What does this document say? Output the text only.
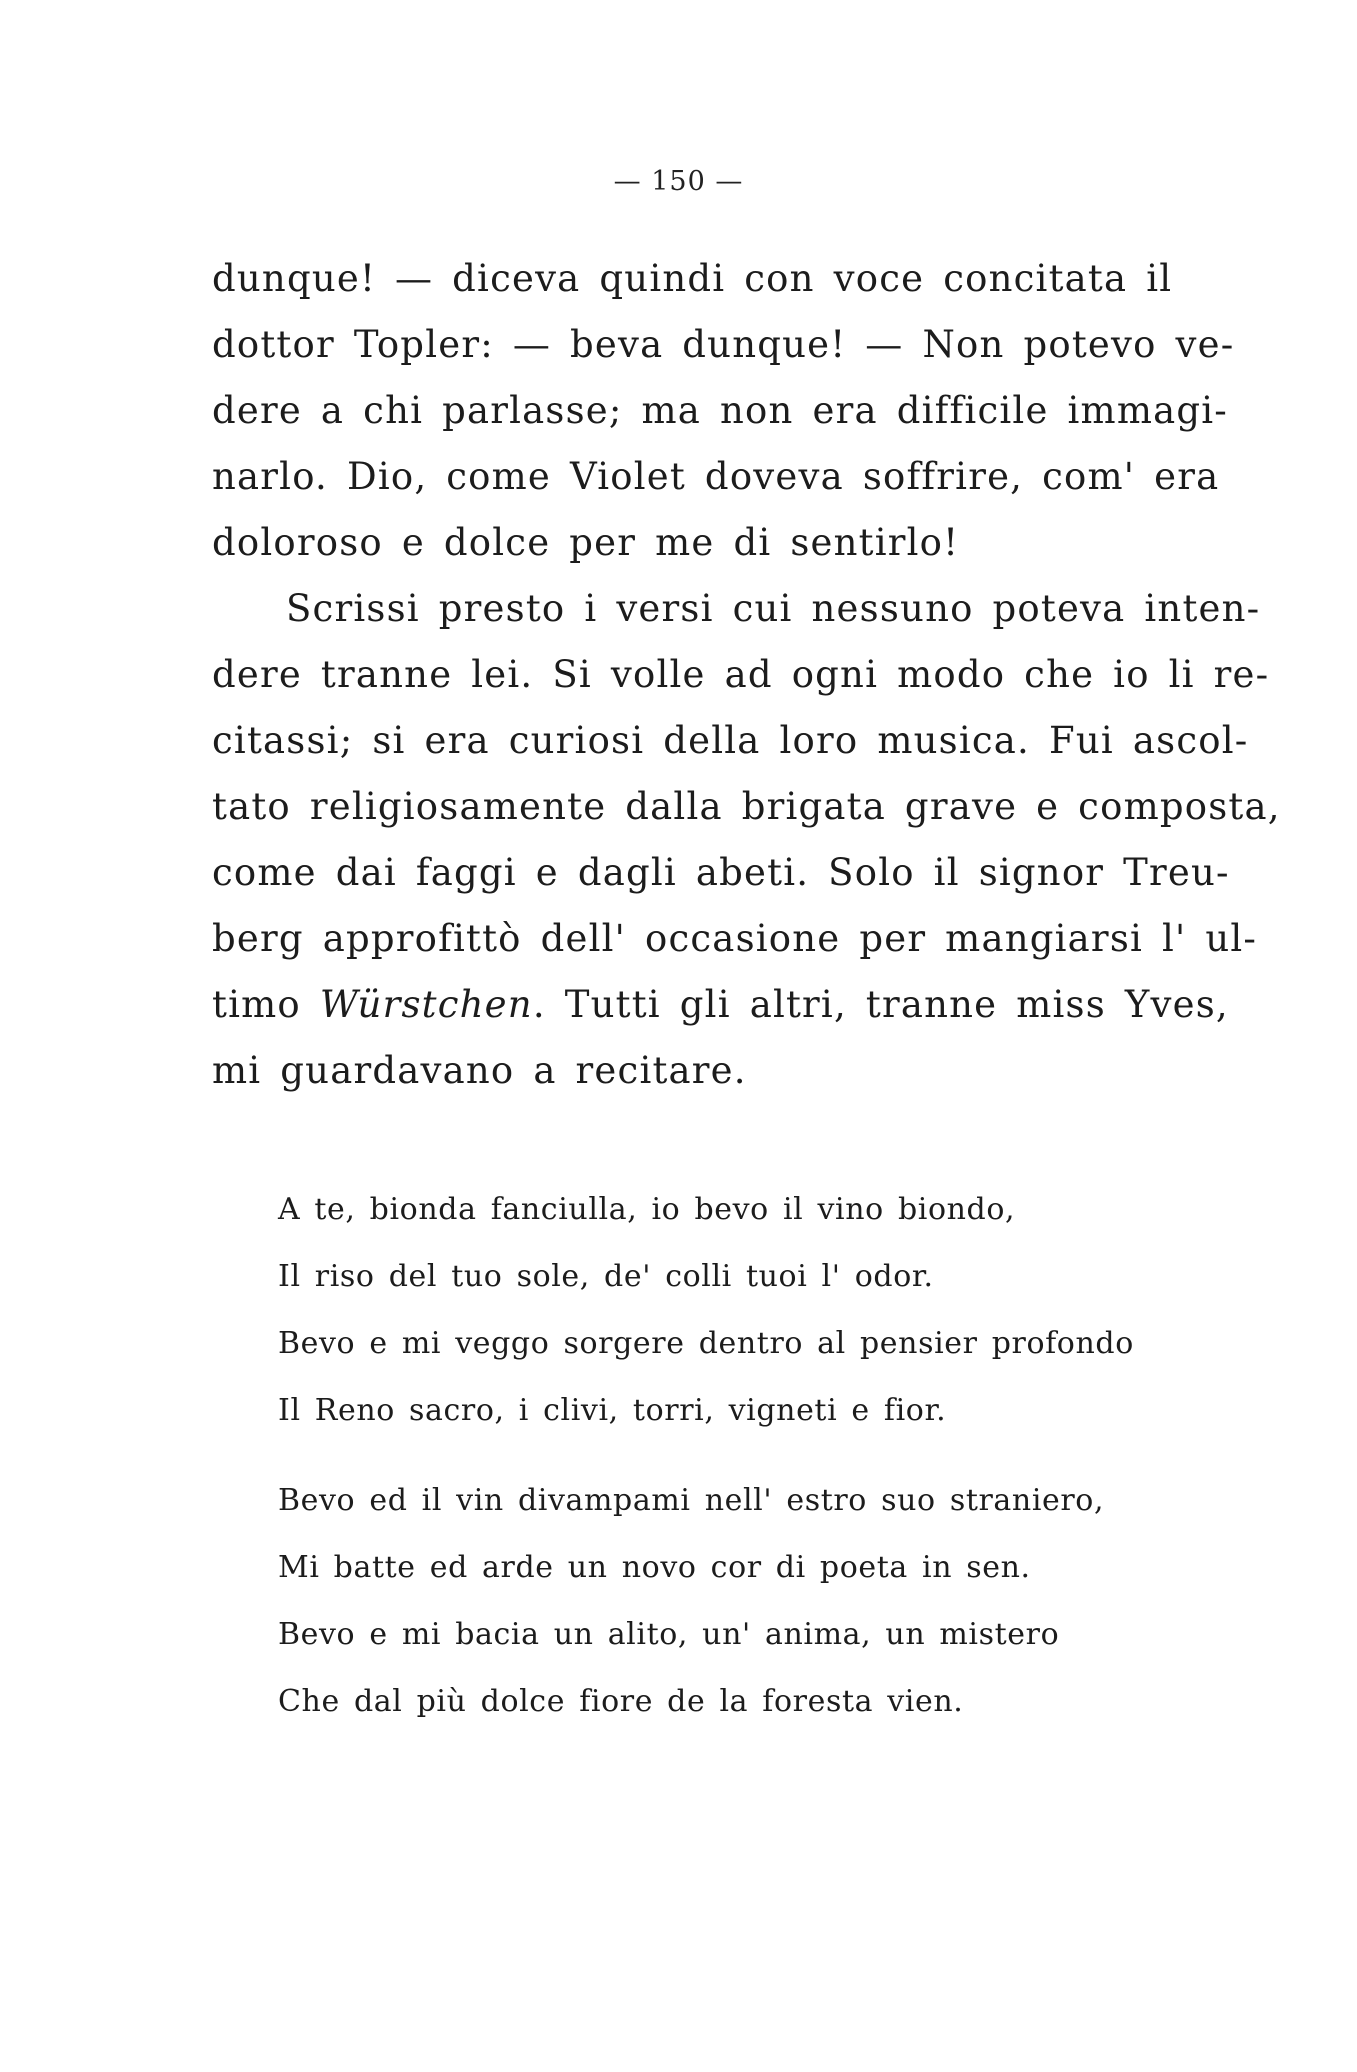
— 150 —
dunque! — diceva quindi con voce concitata il
dottor Topler: — beva dunque! — Non potevo ve-
dere a chi parlasse; ma non era difficile immagi-
narlo. Dio, come Violet doveva soffrire, com' era
doloroso e dolce per me di sentirlo!
Scrissi presto i versi cui nessuno poteva inten-
dere tranne lei. Si volle ad ogni modo che io li re-
citassi; si era curiosi della loro musica. Fui ascol-
tato religiosamente dalla brigata grave e composta,
come dai faggi e dagli abeti. Solo il signor Treu-
berg approfittò dell' occasione per mangiarsi l' ul-
timo Würstchen. Tutti gli altri, tranne miss Yves,
mi guardavano a recitare.
A te, bionda fanciulla, io bevo il vino biondo,
Il riso del tuo sole, de' colli tuoi l' odor.
Bevo e mi veggo sorgere dentro al pensier profondo
Il Reno sacro, i clivi, torri, vigneti e fior.
Bevo ed il vin divampami nell' estro suo straniero,
Mi batte ed arde un novo cor di poeta in sen.
Bevo e mi bacia un alito, un' anima, un mistero
Che dal più dolce fiore de la foresta vien.
